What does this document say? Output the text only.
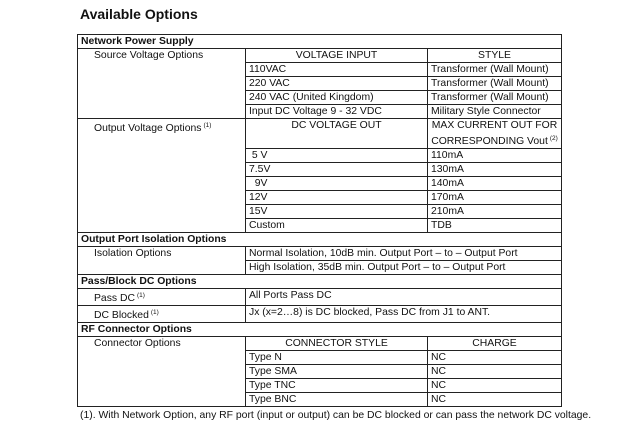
Available Options
Network Power Supply		
Source Voltage Options	VOLTAGE INPUT	STYLE
	110VAC	Transformer (Wall Mount)
	220 VAC	Transformer (Wall Mount)
	240 VAC (United Kingdom)	Transformer (Wall Mount)
	Input DC Voltage 9 - 32 VDC	Military Style Connector
Output Voltage Options $^{(1)}$	DC VOLTAGE OUT	MAX CURRENT OUT FOR
CORRESPONDING Vout $^{(2)}$
	5 V	110mA
	7.5V	130mA
	9V	140mA
	12V	170mA
	15V	210mA
	Custom	TDB
Output Port Isolation Options		
Isolation Options	Normal Isolation, 10dB min. Output Port – to – Output Port	
	High Isolation, 35dB min. Output Port – to – Output Port	
Pass/Block DC Options		
Pass DC $^{(1)}$	All Ports Pass DC	
DC Blocked $^{(1)}$	Jx (x=2…8) is DC blocked, Pass DC from J1 to ANT.	
RF Connector Options		
Connector Options	CONNECTOR STYLE	CHARGE
	Type N	NC
	Type SMA	NC
	Type TNC	NC
	Type BNC	NC
(1). With Network Option, any RF port (input or output) can be DC blocked or can pass the network DC voltage.
